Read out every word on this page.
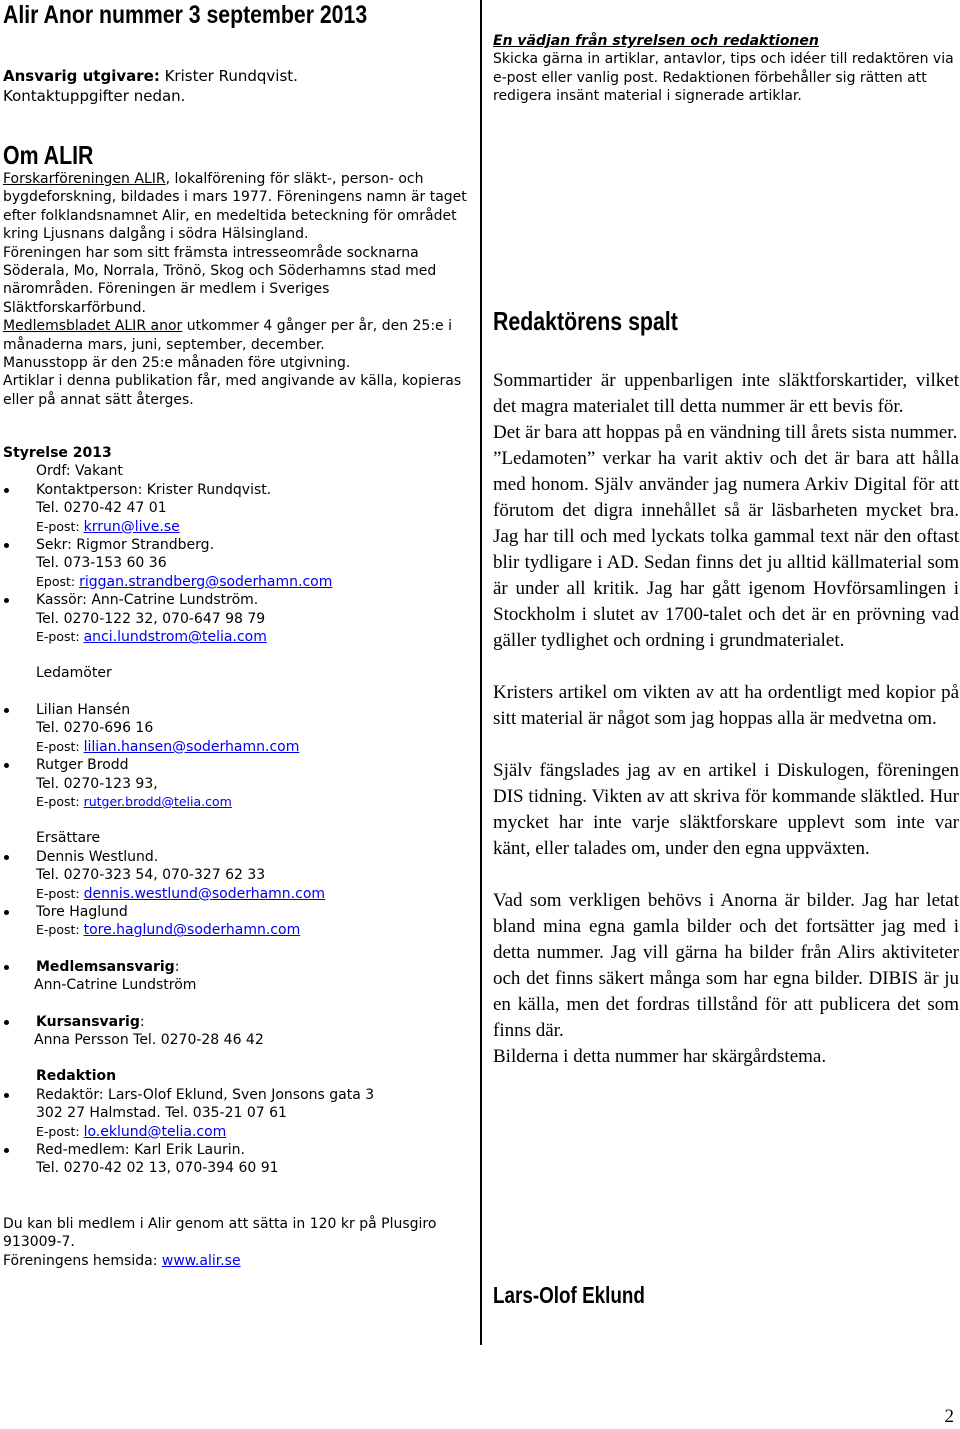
Alir Anor nummer 3 september 2013
Ansvarig utgivare: Krister Rundqvist.
Kontaktuppgifter nedan.
Om ALIR

Forskarföreningen ALIR, lokalförening för släkt-, person- och bygdeforskning, bildades i mars 1977. Föreningens namn är taget efter folklandsnamnet Alir, en medeltida beteckning för området kring Ljusnans dalgång i södra Hälsingland.

Föreningen har som sitt främsta intresseområde socknarna Söderala, Mo, Norrala, Trönö, Skog och Söderhamns stad med närområden. Föreningen är medlem i Sveriges Släktforskarförbund.

Medlemsbladet ALIR anor utkommer 4 gånger per år, den 25:e i månaderna mars, juni, september, december.

Manusstopp är den 25:e månaden före utgivning.

Artiklar i denna publikation får, med angivande av källa, kopieras eller på annat sätt återges.

Styrelse 2013
Ordf: Vakant
Kontaktperson: Krister Rundqvist.
Tel. 0270-42 47 01
E-post: krrun@live.se
Sekr: Rigmor Strandberg.
Tel. 073-153 60 36
Epost: riggan.strandberg@soderhamn.com
Kassör: Ann-Catrine Lundström.
Tel. 0270-122 32, 070-647 98 79
E-post: anci.lundstrom@telia.com
Ledamöter
Lilian Hansén
Tel. 0270-696 16
E-post: lilian.hansen@soderhamn.com
Rutger Brodd
Tel. 0270-123 93,
E-post: rutger.brodd@telia.com
Ersättare
Dennis Westlund.
Tel. 0270-323 54, 070-327 62 33
E-post: dennis.westlund@soderhamn.com
Tore Haglund
E-post: tore.haglund@soderhamn.com
Medlemsansvarig:
Ann-Catrine Lundström
Kursansvarig:
Anna Persson Tel. 0270-28 46 42
Redaktion
Redaktör: Lars-Olof Eklund, Sven Jonsons gata 3
302 27 Halmstad. Tel. 035-21 07 61
E-post: lo.eklund@telia.com
Red-medlem: Karl Erik Laurin.
Tel. 0270-42 02 13, 070-394 60 91
Du kan bli medlem i Alir genom att sätta in 120 kr på Plusgiro 913009-7.
Föreningens hemsida: www.alir.se
En vädjan från styrelsen och redaktionen
Skicka gärna in artiklar, antavlor, tips och idéer till redaktören via e-post eller vanlig post. Redaktionen förbehåller sig rätten att redigera insänt material i signerade artiklar.
Redaktörens spalt

Sommartider är uppenbarligen inte släktforskartider, vilket det magra materialet till detta nummer är ett bevis för.

Det är bara att hoppas på en vändning till årets sista nummer.

”Ledamoten” verkar ha varit aktiv och det är bara att hålla med honom. Själv använder jag numera Arkiv Digital för att förutom det digra innehållet så är läsbarheten mycket bra. Jag har till och med lyckats tolka gammal text när den oftast blir tydligare i AD. Sedan finns det ju alltid källmaterial som är under all kritik. Jag har gått igenom Hovförsamlingen i Stockholm i slutet av 1700-talet och det är en prövning vad gäller tydlighet och ordning i grundmaterialet.

Kristers artikel om vikten av att ha ordentligt med kopior på sitt material är något som jag hoppas alla är medvetna om.

Själv fängslades jag av en artikel i Diskulogen, föreningen DIS tidning. Vikten av att skriva för kommande släktled. Hur mycket har inte varje släktforskare upplevt som inte var känt, eller talades om, under den egna uppväxten.

Vad som verkligen behövs i Anorna är bilder. Jag har letat bland mina egna gamla bilder och det fortsätter jag med i detta nummer. Jag vill gärna ha bilder från Alirs aktiviteter och det finns säkert många som har egna bilder. DIBIS är ju en källa, men det fordras tillstånd för att publicera det som finns där.

Bilderna i detta nummer har skärgårdstema.

Lars-Olof Eklund
2
